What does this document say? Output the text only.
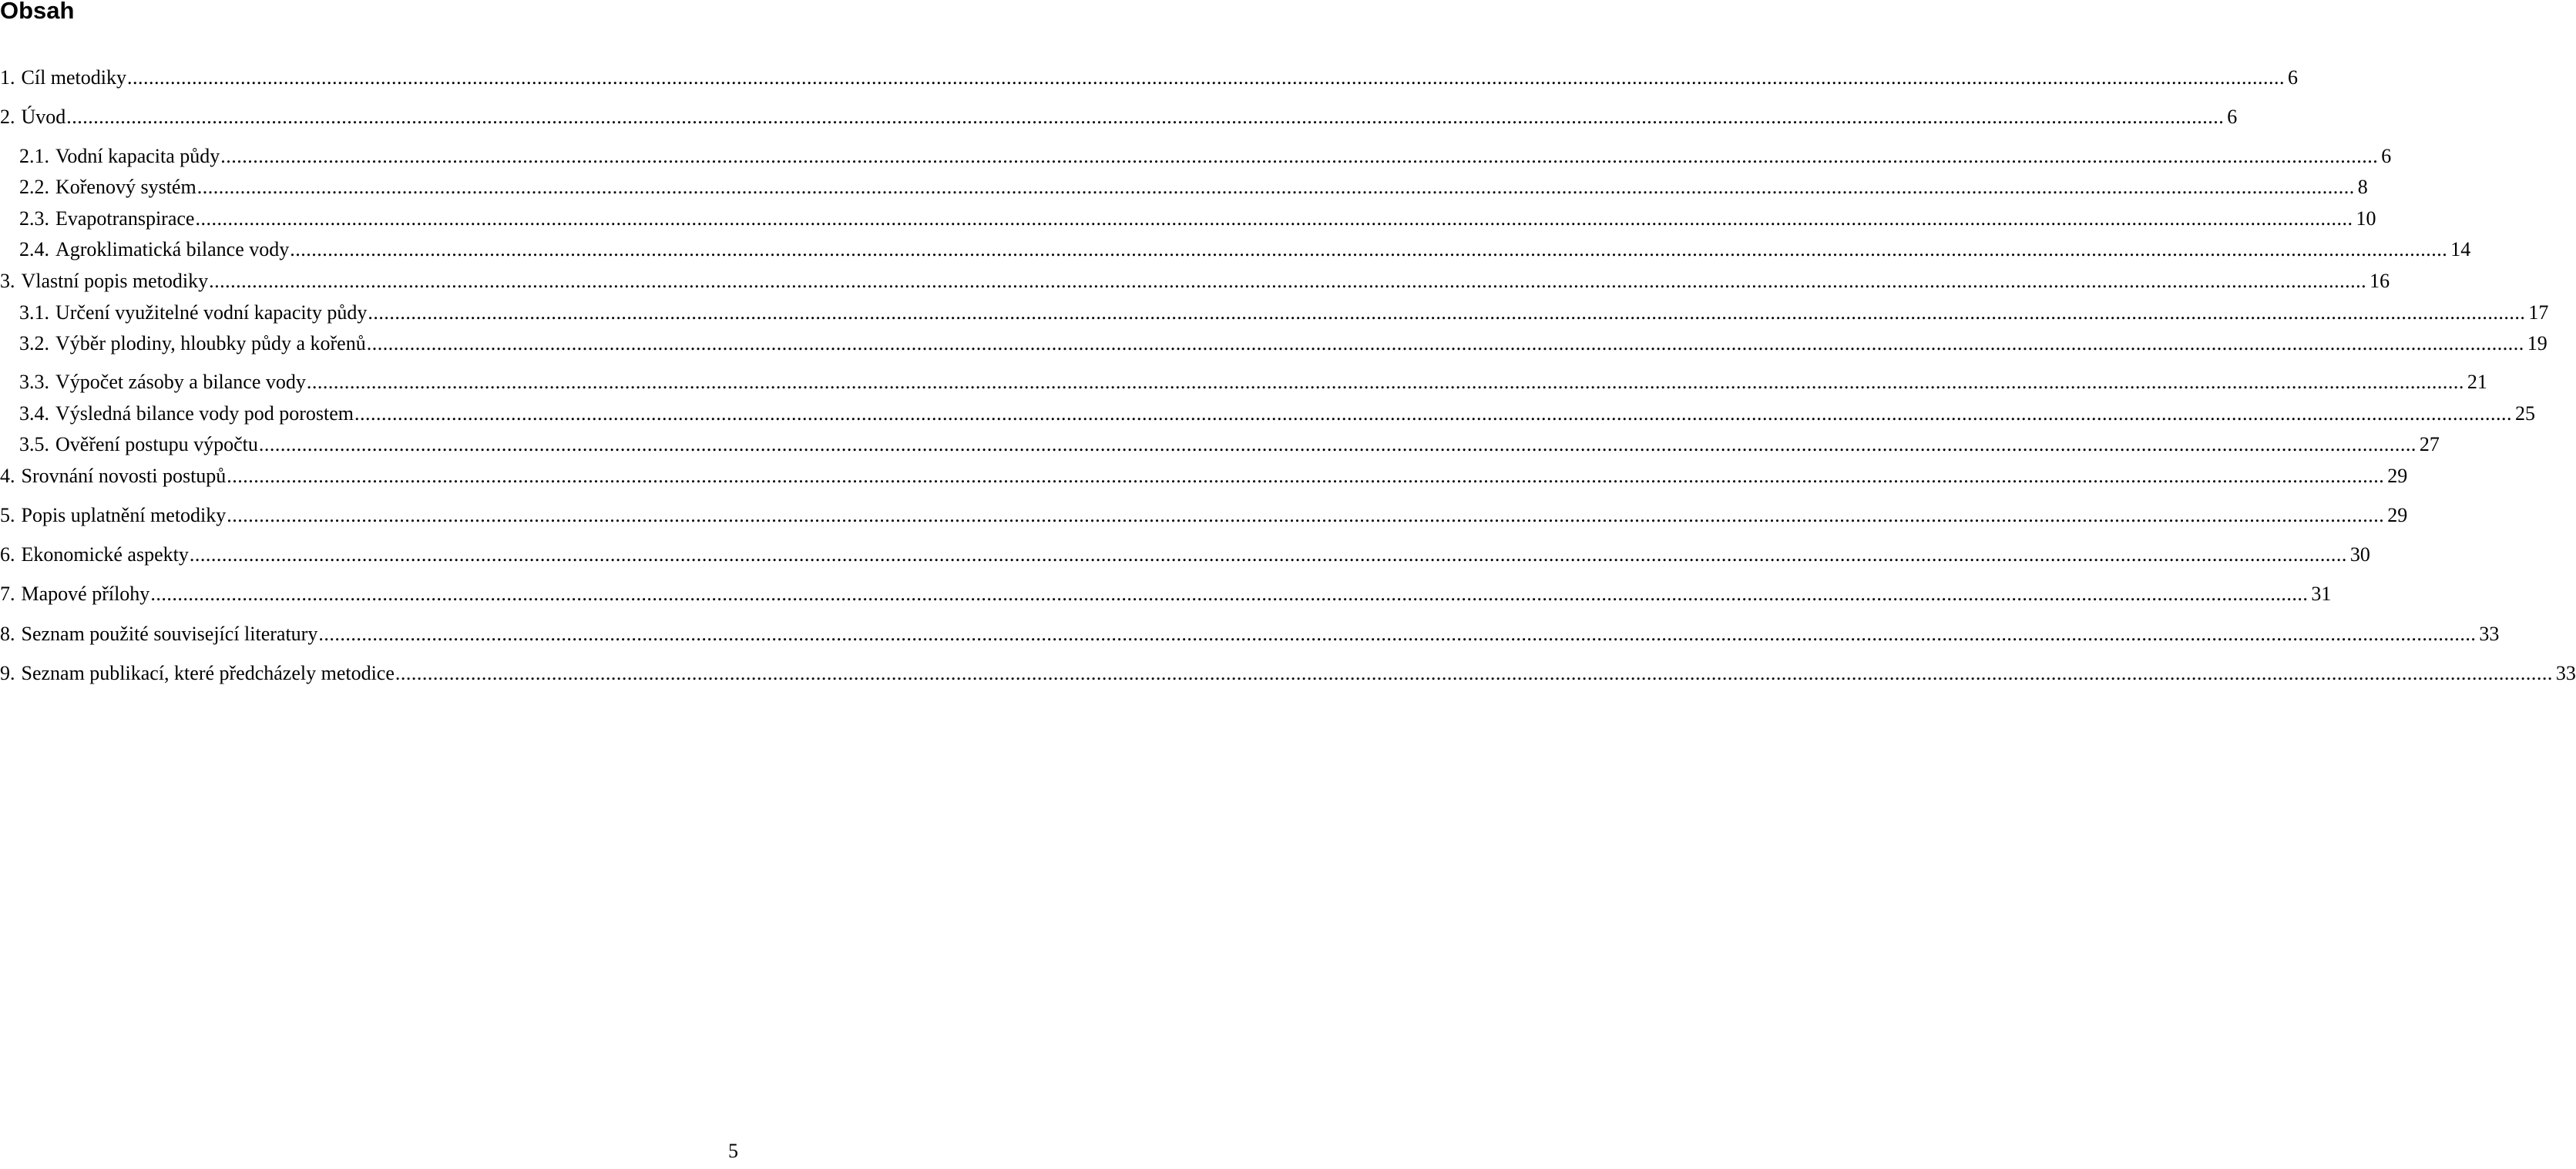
Obsah
1. Cíl metodiky ................................................................................................................................................................................................................................................................................................................................................................................................................ 6
2. Úvod ................................................................................................................................................................................................................................................................................................................................................................................................................ 6
2.1. Vodní kapacita půdy ................................................................................................................................................................................................................................................................................................................................................................................................................ 6
2.2. Kořenový systém ................................................................................................................................................................................................................................................................................................................................................................................................................ 8
2.3. Evapotranspirace ................................................................................................................................................................................................................................................................................................................................................................................................................ 10
2.4. Agroklimatická bilance vody ................................................................................................................................................................................................................................................................................................................................................................................................................ 14
3. Vlastní popis metodiky ................................................................................................................................................................................................................................................................................................................................................................................................................ 16
3.1. Určení využitelné vodní kapacity půdy ................................................................................................................................................................................................................................................................................................................................................................................................................ 17
3.2. Výběr plodiny, hloubky půdy a kořenů ................................................................................................................................................................................................................................................................................................................................................................................................................ 19
3.3. Výpočet zásoby a bilance vody ................................................................................................................................................................................................................................................................................................................................................................................................................ 21
3.4. Výsledná bilance vody pod porostem ................................................................................................................................................................................................................................................................................................................................................................................................................ 25
3.5. Ověření postupu výpočtu ................................................................................................................................................................................................................................................................................................................................................................................................................ 27
4. Srovnání novosti postupů ................................................................................................................................................................................................................................................................................................................................................................................................................ 29
5. Popis uplatnění metodiky ................................................................................................................................................................................................................................................................................................................................................................................................................ 29
6. Ekonomické aspekty ................................................................................................................................................................................................................................................................................................................................................................................................................ 30
7. Mapové přílohy ................................................................................................................................................................................................................................................................................................................................................................................................................ 31
8. Seznam použité související literatury ................................................................................................................................................................................................................................................................................................................................................................................................................ 33
9. Seznam publikací, které předcházely metodice ................................................................................................................................................................................................................................................................................................................................................................................................................ 33
5
